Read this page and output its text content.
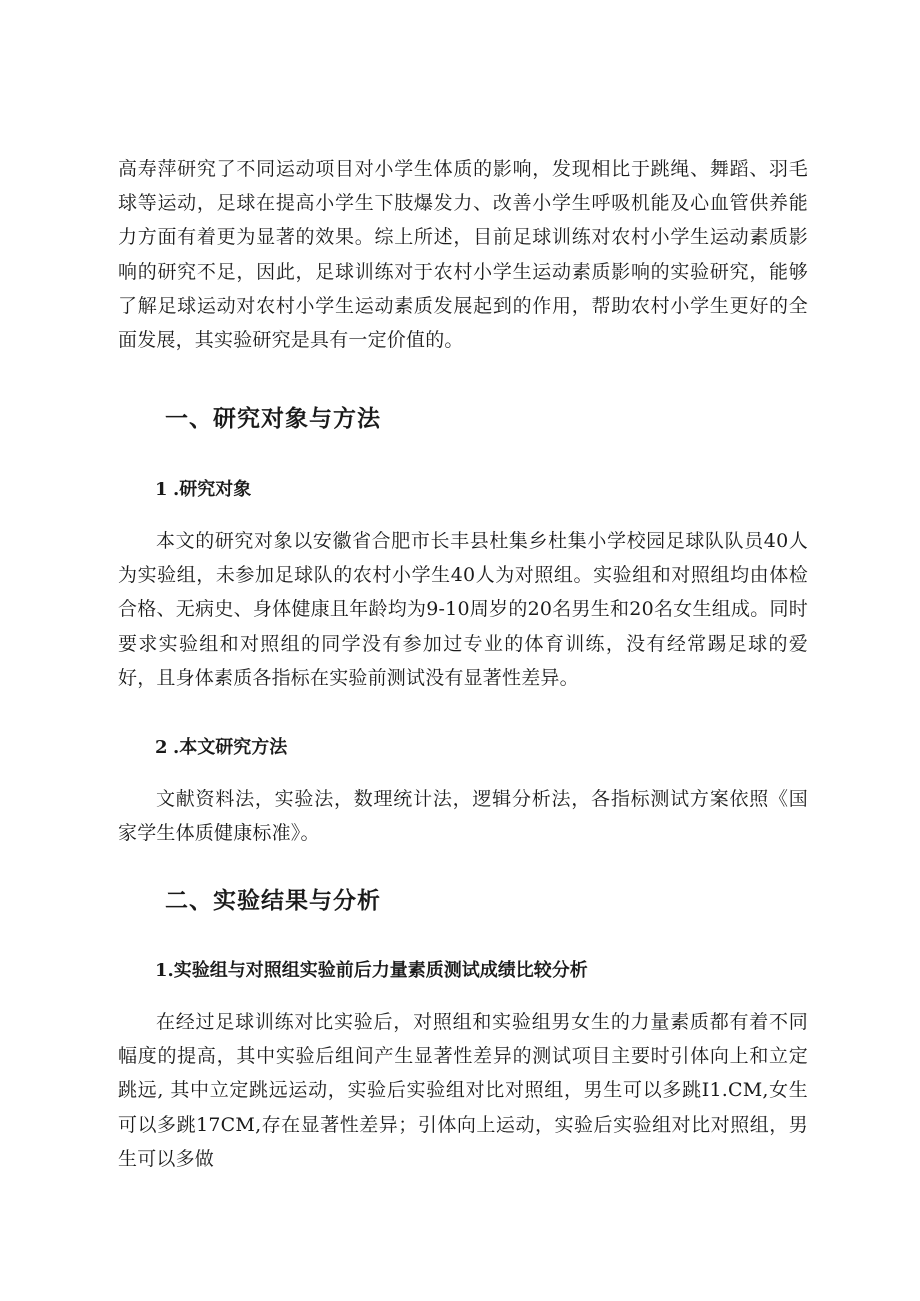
高寿萍研究了不同运动项目对小学生体质的影响，发现相比于跳绳、舞蹈、羽毛球等运动，足球在提高小学生下肢爆发力、改善小学生呼吸机能及心血管供养能力方面有着更为显著的效果。综上所述，目前足球训练对农村小学生运动素质影响的研究不足，因此，足球训练对于农村小学生运动素质影响的实验研究，能够了解足球运动对农村小学生运动素质发展起到的作用，帮助农村小学生更好的全面发展，其实验研究是具有一定价值的。

一、研究对象与方法
1 .研究对象

本文的研究对象以安徽省合肥市长丰县杜集乡杜集小学校园足球队队员40人为实验组，未参加足球队的农村小学生40人为对照组。实验组和对照组均由体检合格、无病史、身体健康且年龄均为9-10周岁的20名男生和20名女生组成。同时要求实验组和对照组的同学没有参加过专业的体育训练，没有经常踢足球的爱好，且身体素质各指标在实验前测试没有显著性差异。

2 .本文研究方法

文献资料法，实验法，数理统计法，逻辑分析法，各指标测试方案依照《国家学生体质健康标准》。

二、实验结果与分析
1.实验组与对照组实验前后力量素质测试成绩比较分析

在经过足球训练对比实验后，对照组和实验组男女生的力量素质都有着不同幅度的提高，其中实验后组间产生显著性差异的测试项目主要时引体向上和立定跳远, 其中立定跳远运动，实验后实验组对比对照组，男生可以多跳I1.CM,女生可以多跳17CM,存在显著性差异；引体向上运动，实验后实验组对比对照组，男生可以多做
